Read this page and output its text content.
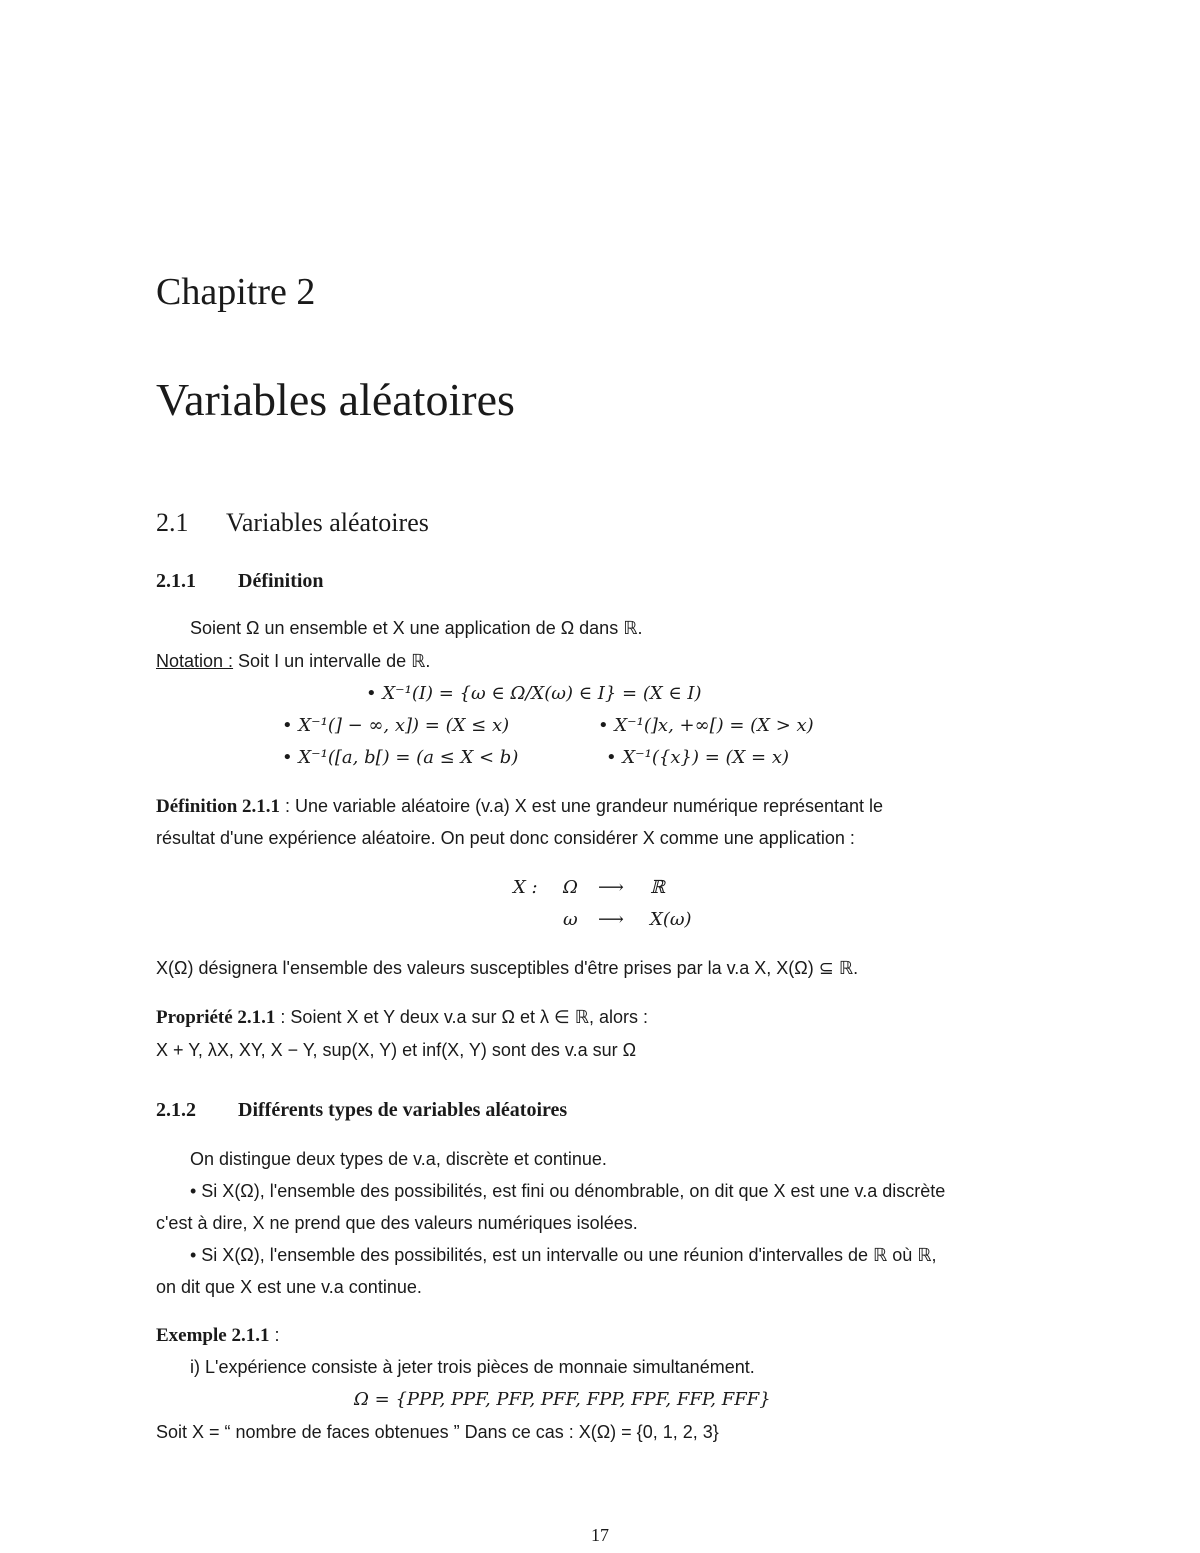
Chapitre 2
Variables aléatoires
2.1 Variables aléatoires
2.1.1 Définition
Soient Ω un ensemble et X une application de Ω dans ℝ.
Notation : Soit I un intervalle de ℝ.
• X⁻¹(I) = {ω ∈ Ω/X(ω) ∈ I} = (X ∈ I)
• X⁻¹(] − ∞, x]) = (X ≤ x)	• X⁻¹(]x, +∞[) = (X > x)
• X⁻¹([a, b[) = (a ≤ X < b)	• X⁻¹({x}) = (X = x)
Définition 2.1.1 : Une variable aléatoire (v.a) X est une grandeur numérique représentant le
résultat d'une expérience aléatoire. On peut donc considérer X comme une application :
X : Ω ⟶ ℝ
ω ⟶ X(ω)
X(Ω) désignera l'ensemble des valeurs susceptibles d'être prises par la v.a X, X(Ω) ⊆ ℝ.
Propriété 2.1.1 : Soient X et Y deux v.a sur Ω et λ ∈ ℝ, alors :
X + Y, λX, XY, X − Y, sup(X, Y) et inf(X, Y) sont des v.a sur Ω
2.1.2 Différents types de variables aléatoires
On distingue deux types de v.a, discrète et continue.
• Si X(Ω), l'ensemble des possibilités, est fini ou dénombrable, on dit que X est une v.a discrète
c'est à dire, X ne prend que des valeurs numériques isolées.
• Si X(Ω), l'ensemble des possibilités, est un intervalle ou une réunion d'intervalles de ℝ où ℝ,
on dit que X est une v.a continue.
Exemple 2.1.1 :
i) L'expérience consiste à jeter trois pièces de monnaie simultanément.
Ω = {PPP, PPF, PFP, PFF, FPP, FPF, FFP, FFF}
Soit X = “ nombre de faces obtenues ” Dans ce cas : X(Ω) = {0, 1, 2, 3}
17
